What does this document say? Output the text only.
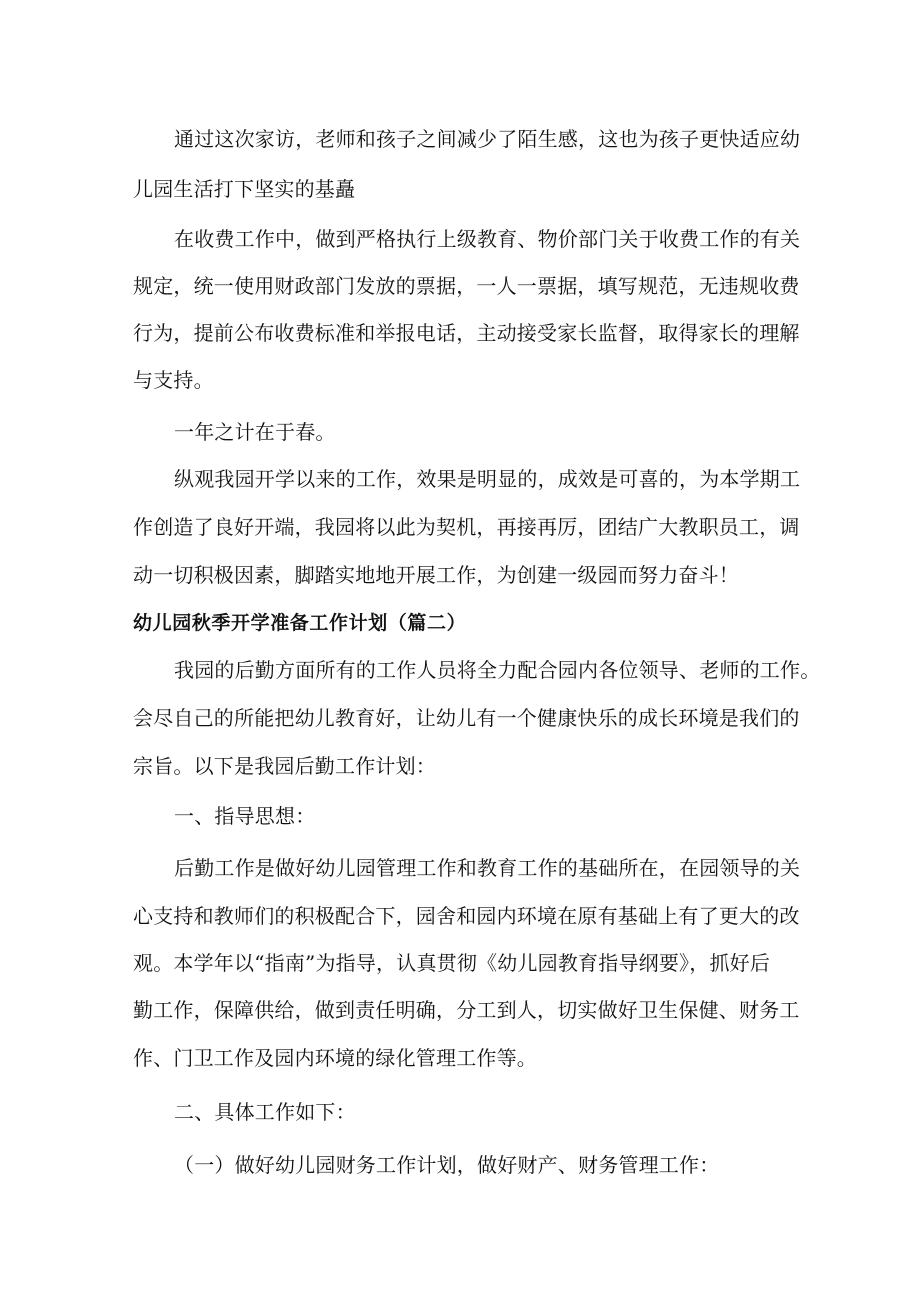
通过这次家访，老师和孩子之间减少了陌生感，这也为孩子更快适应幼
儿园生活打下坚实的基矗
在收费工作中，做到严格执行上级教育、物价部门关于收费工作的有关
规定，统一使用财政部门发放的票据，一人一票据，填写规范，无违规收费
行为，提前公布收费标准和举报电话，主动接受家长监督，取得家长的理解
与支持。
一年之计在于春。
纵观我园开学以来的工作，效果是明显的，成效是可喜的，为本学期工
作创造了良好开端，我园将以此为契机，再接再厉，团结广大教职员工，调
动一切积极因素，脚踏实地地开展工作，为创建一级园而努力奋斗！
幼儿园秋季开学准备工作计划（篇二）
我园的后勤方面所有的工作人员将全力配合园内各位领导、老师的工作。
会尽自己的所能把幼儿教育好，让幼儿有一个健康快乐的成长环境是我们的
宗旨。以下是我园后勤工作计划：
一、指导思想：
后勤工作是做好幼儿园管理工作和教育工作的基础所在，在园领导的关
心支持和教师们的积极配合下，园舍和园内环境在原有基础上有了更大的改
观。本学年以“指南”为指导，认真贯彻《幼儿园教育指导纲要》，抓好后
勤工作，保障供给，做到责任明确，分工到人，切实做好卫生保健、财务工
作、门卫工作及园内环境的绿化管理工作等。
二、具体工作如下：
（一）做好幼儿园财务工作计划，做好财产、财务管理工作：
